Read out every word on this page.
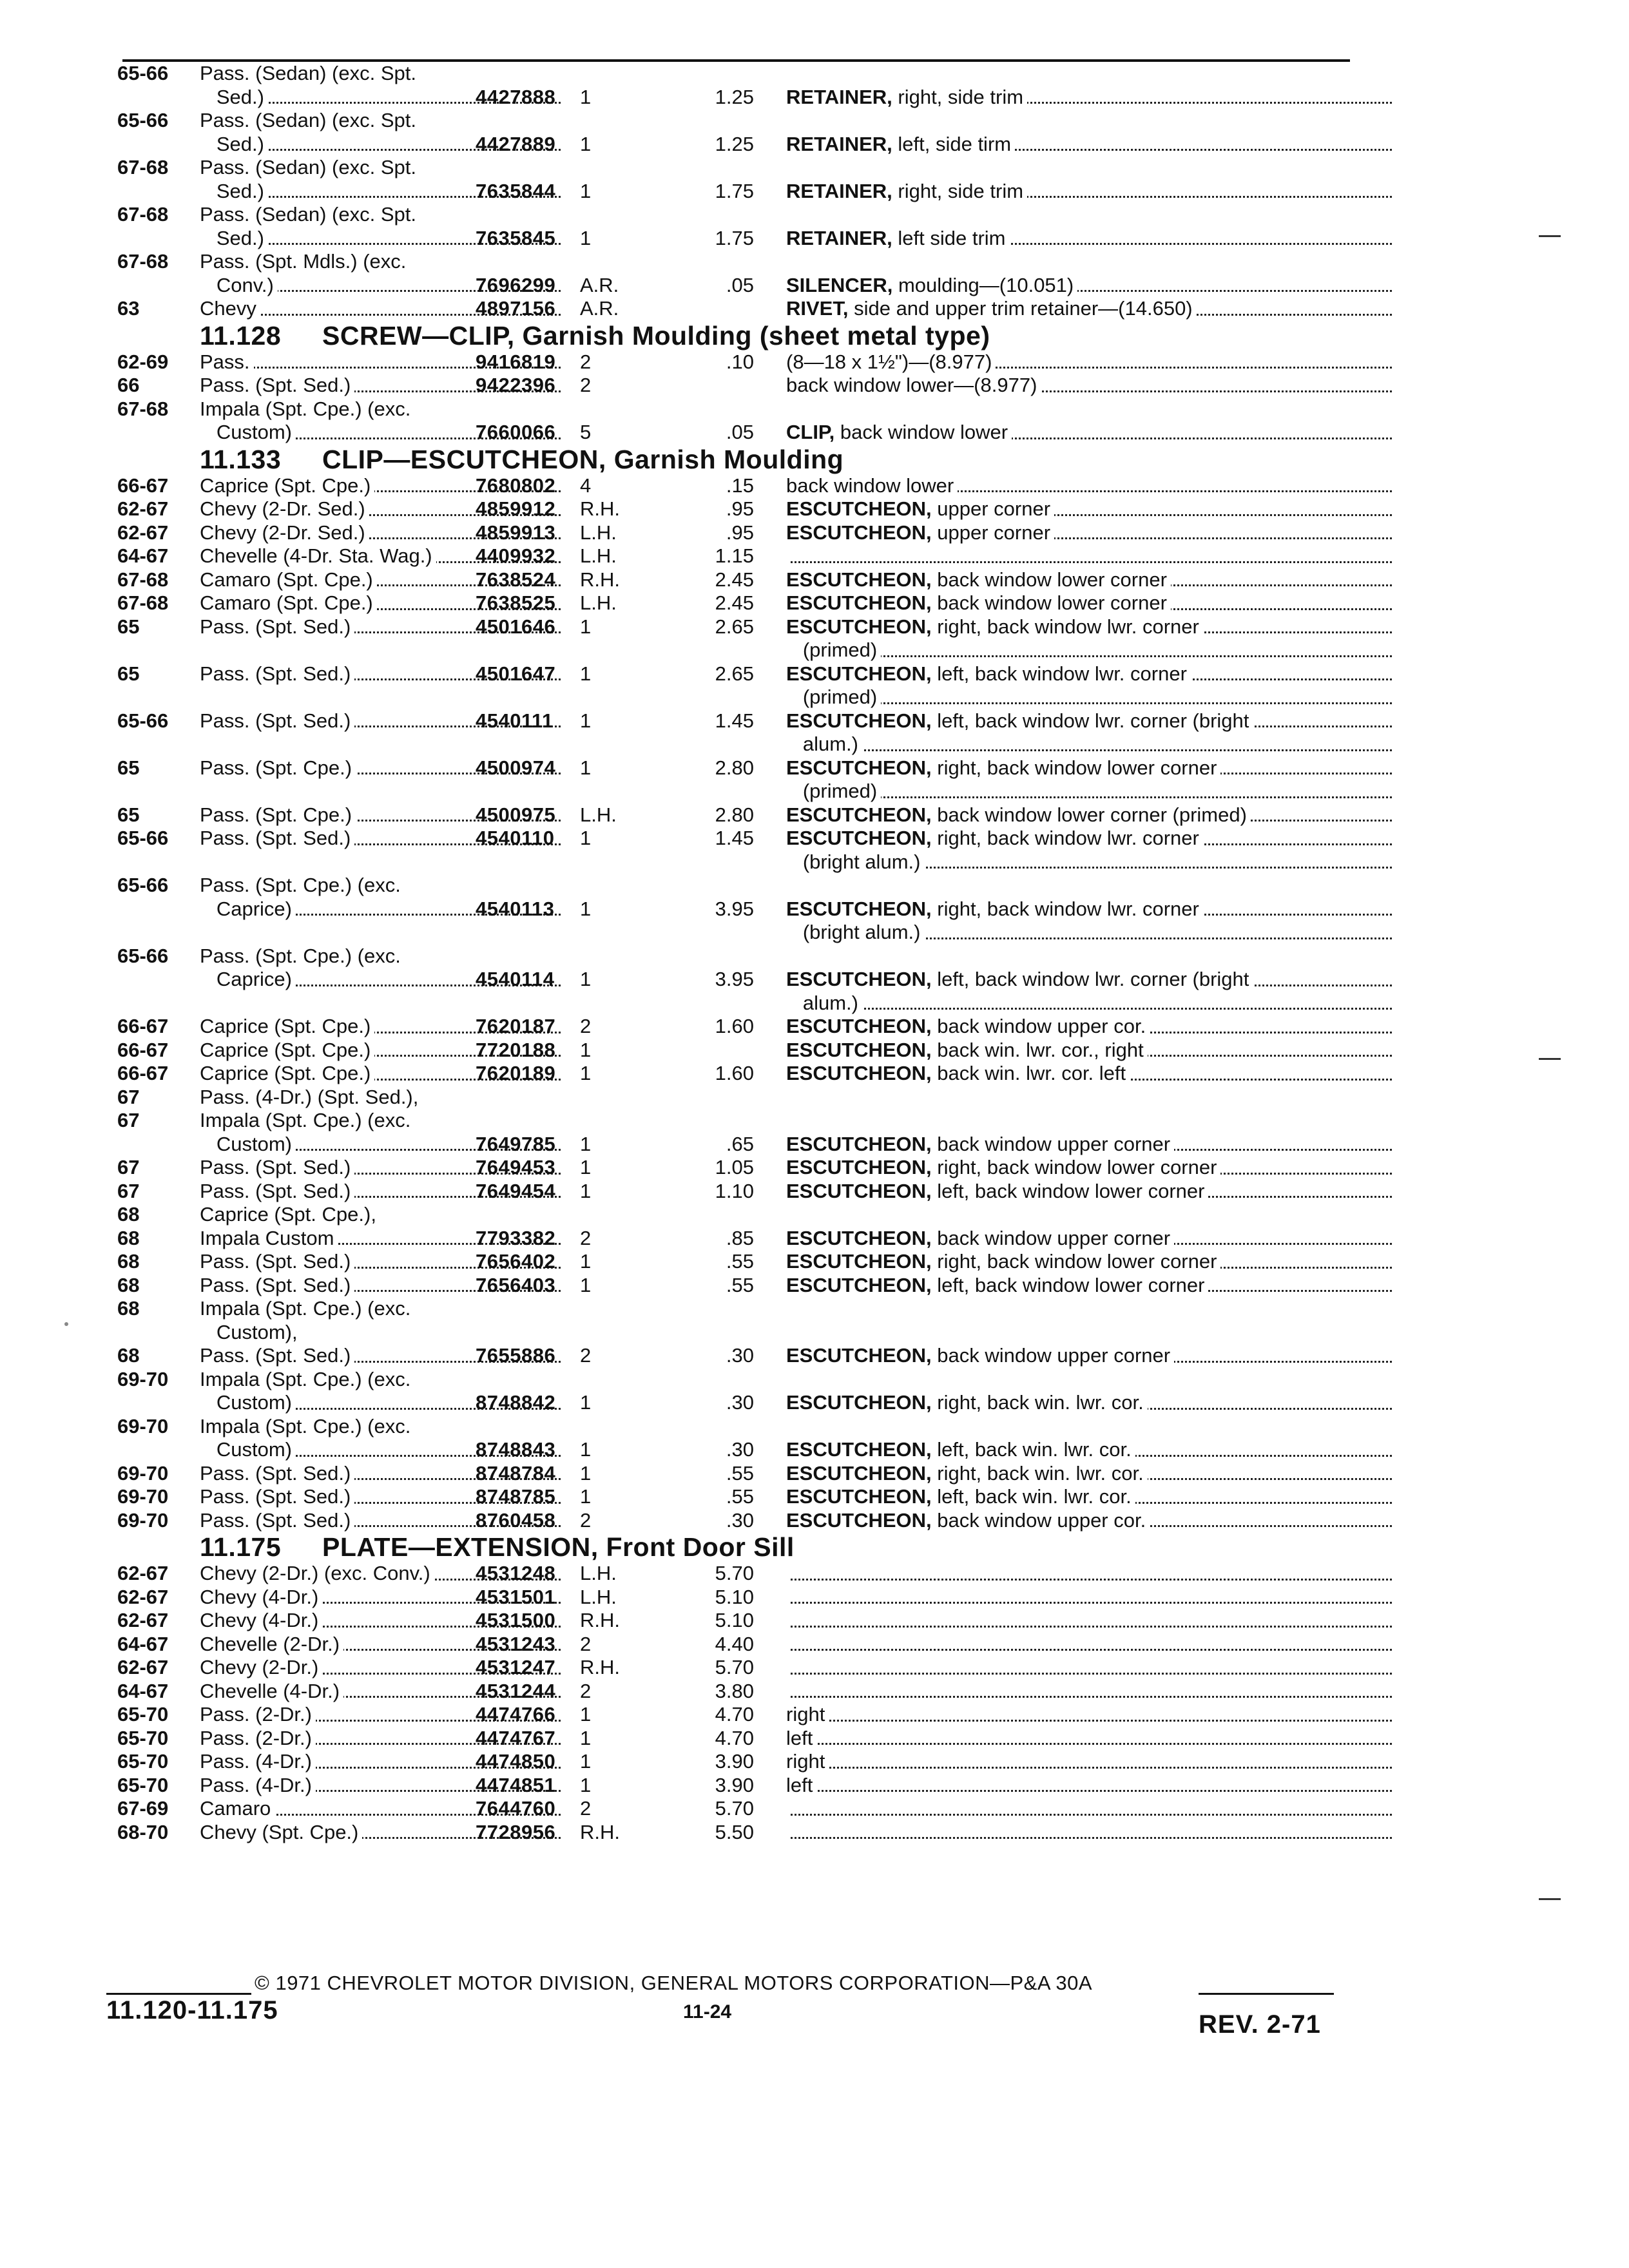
65-66	Pass. (Sedan) (exc. Spt.
Sed.)	4427888	1	1.25 RETAINER, right, side trim
65-66	Pass. (Sedan) (exc. Spt.
Sed.)	4427889	1	1.25 RETAINER, left, side tirm
67-68	Pass. (Sedan) (exc. Spt.
Sed.)	7635844	1	1.75 RETAINER, right, side trim
67-68	Pass. (Sedan) (exc. Spt.
Sed.)	7635845	1	1.75 RETAINER, left side trim
67-68	Pass. (Spt. Mdls.) (exc.
Conv.)	7696299	A.R.	.05 SILENCER, moulding—(10.051)
63	Chevy	4897156	A.R.	RIVET, side and upper trim retainer—(14.650)
11.128 SCREW—CLIP, Garnish Moulding (sheet metal type)
62-69	Pass.	9416819	2	.10 (8—18 x 1½")—(8.977)
66	Pass. (Spt. Sed.)	9422396	2	back window lower—(8.977)
67-68	Impala (Spt. Cpe.) (exc.
Custom)	7660066	5	.05 CLIP, back window lower
11.133 CLIP—ESCUTCHEON, Garnish Moulding
66-67	Caprice (Spt. Cpe.)	7680802	4	.15 back window lower
62-67	Chevy (2-Dr. Sed.)	4859912	R.H.	.95 ESCUTCHEON, upper corner
62-67	Chevy (2-Dr. Sed.)	4859913	L.H.	.95 ESCUTCHEON, upper corner
64-67	Chevelle (4-Dr. Sta. Wag.)	4409932	L.H.	1.15
67-68	Camaro (Spt. Cpe.)	7638524	R.H.	2.45 ESCUTCHEON, back window lower corner
67-68	Camaro (Spt. Cpe.)	7638525	L.H.	2.45 ESCUTCHEON, back window lower corner
65	Pass. (Spt. Sed.)	4501646	1	2.65 ESCUTCHEON, right, back window lwr. corner
(primed)
65	Pass. (Spt. Sed.)	4501647	1	2.65 ESCUTCHEON, left, back window lwr. corner
(primed)
65-66	Pass. (Spt. Sed.)	4540111	1	1.45 ESCUTCHEON, left, back window lwr. corner (bright
alum.)
65	Pass. (Spt. Cpe.)	4500974	1	2.80 ESCUTCHEON, right, back window lower corner
(primed)
65	Pass. (Spt. Cpe.)	4500975	L.H.	2.80 ESCUTCHEON, back window lower corner (primed)
65-66	Pass. (Spt. Sed.)	4540110	1	1.45 ESCUTCHEON, right, back window lwr. corner
(bright alum.)
65-66	Pass. (Spt. Cpe.) (exc.
Caprice)	4540113	1	3.95 ESCUTCHEON, right, back window lwr. corner
(bright alum.)
65-66	Pass. (Spt. Cpe.) (exc.
Caprice)	4540114	1	3.95 ESCUTCHEON, left, back window lwr. corner (bright
alum.)
66-67	Caprice (Spt. Cpe.)	7620187	2	1.60 ESCUTCHEON, back window upper cor.
66-67	Caprice (Spt. Cpe.)	7720188	1	ESCUTCHEON, back win. lwr. cor., right
66-67	Caprice (Spt. Cpe.)	7620189	1	1.60 ESCUTCHEON, back win. lwr. cor. left
67	Pass. (4-Dr.) (Spt. Sed.),
67	Impala (Spt. Cpe.) (exc.
Custom)	7649785	1	.65 ESCUTCHEON, back window upper corner
67	Pass. (Spt. Sed.)	7649453	1	1.05 ESCUTCHEON, right, back window lower corner
67	Pass. (Spt. Sed.)	7649454	1	1.10 ESCUTCHEON, left, back window lower corner
68	Caprice (Spt. Cpe.),
68	Impala Custom	7793382	2	.85 ESCUTCHEON, back window upper corner
68	Pass. (Spt. Sed.)	7656402	1	.55 ESCUTCHEON, right, back window lower corner
68	Pass. (Spt. Sed.)	7656403	1	.55 ESCUTCHEON, left, back window lower corner
68	Impala (Spt. Cpe.) (exc.
Custom),
68	Pass. (Spt. Sed.)	7655886	2	.30 ESCUTCHEON, back window upper corner
69-70	Impala (Spt. Cpe.) (exc.
Custom)	8748842	1	.30 ESCUTCHEON, right, back win. lwr. cor.
69-70	Impala (Spt. Cpe.) (exc.
Custom)	8748843	1	.30 ESCUTCHEON, left, back win. lwr. cor.
69-70	Pass. (Spt. Sed.)	8748784	1	.55 ESCUTCHEON, right, back win. lwr. cor.
69-70	Pass. (Spt. Sed.)	8748785	1	.55 ESCUTCHEON, left, back win. lwr. cor.
69-70	Pass. (Spt. Sed.)	8760458	2	.30 ESCUTCHEON, back window upper cor.
11.175 PLATE—EXTENSION, Front Door Sill
62-67	Chevy (2-Dr.) (exc. Conv.)	4531248	L.H.	5.70
62-67	Chevy (4-Dr.)	4531501	L.H.	5.10
62-67	Chevy (4-Dr.)	4531500	R.H.	5.10
64-67	Chevelle (2-Dr.)	4531243	2	4.40
62-67	Chevy (2-Dr.)	4531247	R.H.	5.70
64-67	Chevelle (4-Dr.)	4531244	2	3.80
65-70	Pass. (2-Dr.)	4474766	1	4.70 right
65-70	Pass. (2-Dr.)	4474767	1	4.70 left
65-70	Pass. (4-Dr.)	4474850	1	3.90 right
65-70	Pass. (4-Dr.)	4474851	1	3.90 left
67-69	Camaro	7644760	2	5.70
68-70	Chevy (Spt. Cpe.)	7728956	R.H.	5.50
© 1971 CHEVROLET MOTOR DIVISION, GENERAL MOTORS CORPORATION—P&A 30A
11.120-11.175	11-24	REV. 2-71
